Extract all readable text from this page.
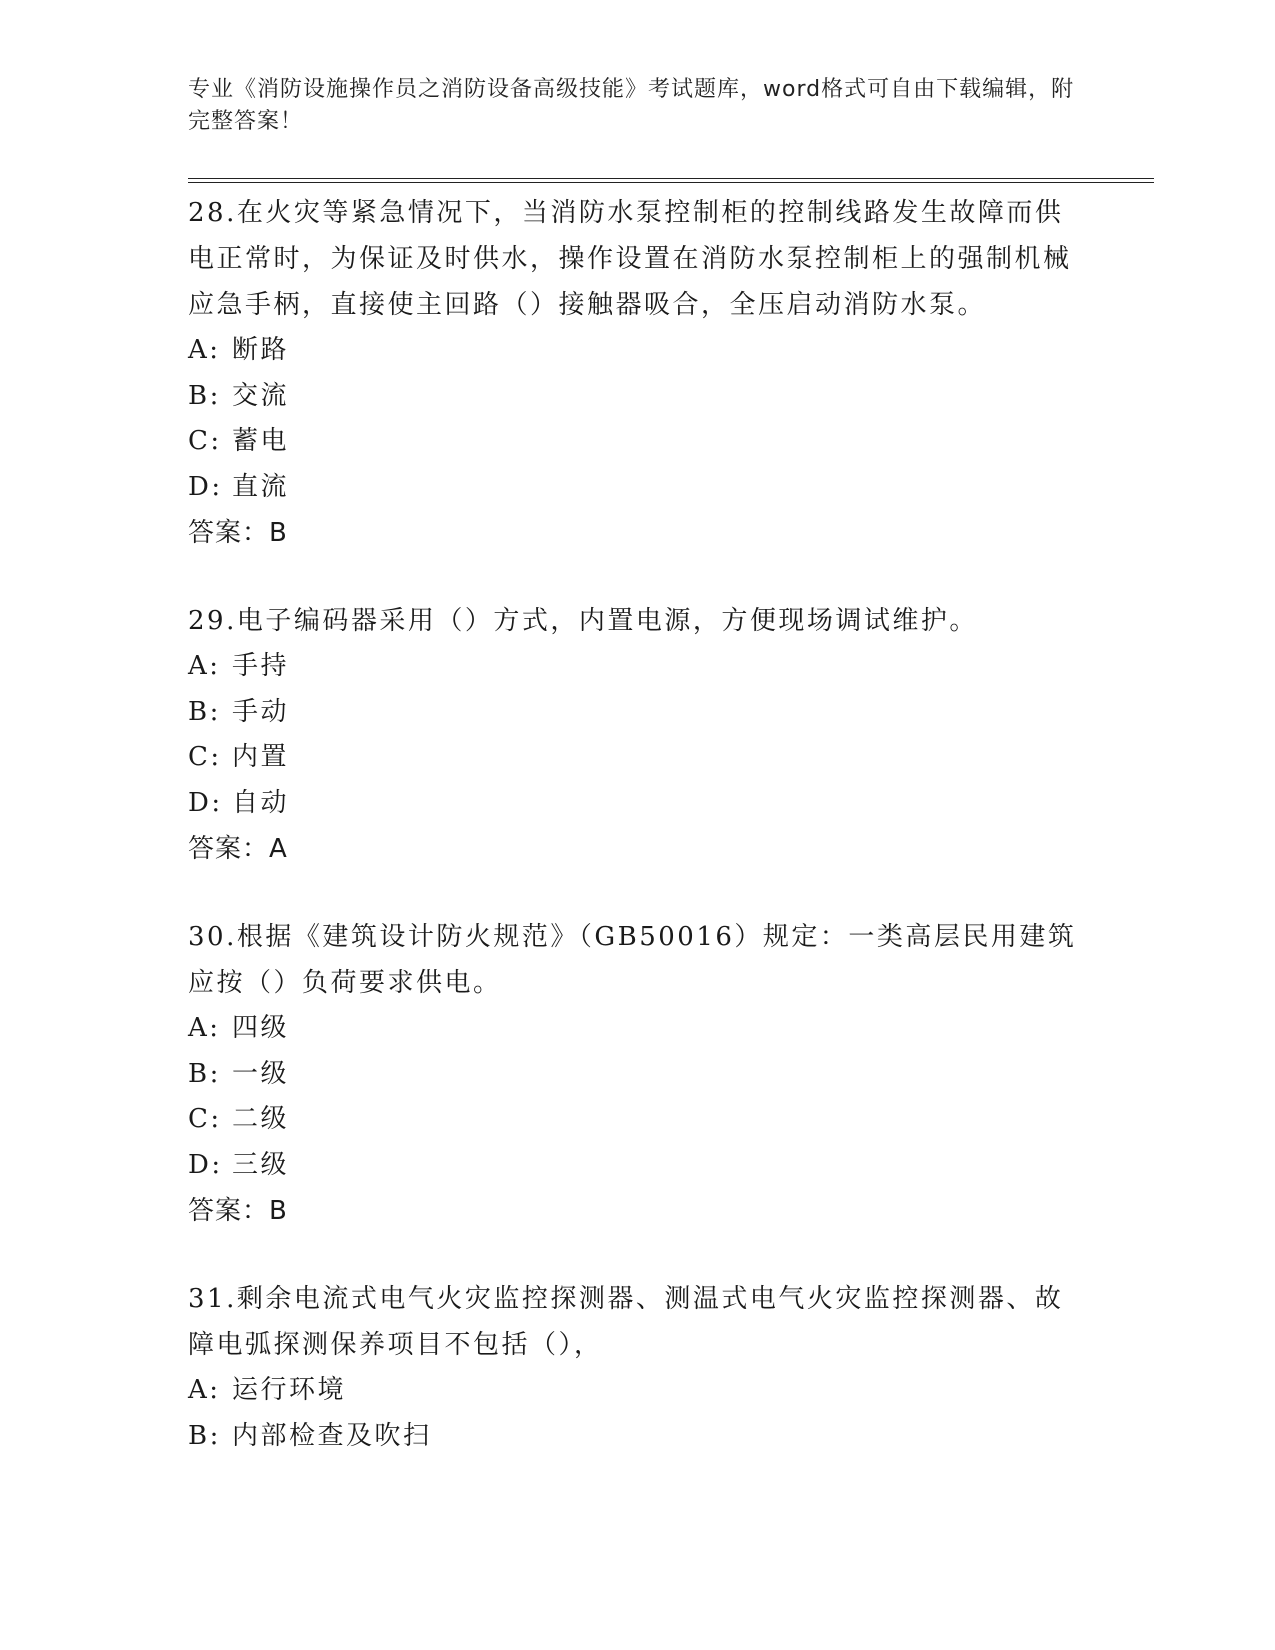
专业《消防设施操作员之消防设备高级技能》考试题库，word格式可自由下载编辑，附完整答案！
28.在火灾等紧急情况下，当消防水泵控制柜的控制线路发生故障而供电正常时，为保证及时供水，操作设置在消防水泵控制柜上的强制机械应急手柄，直接使主回路（）接触器吸合，全压启动消防水泵。
A: 断路
B: 交流
C: 蓄电
D: 直流
答案：B
29.电子编码器采用（）方式，内置电源，方便现场调试维护。
A: 手持
B: 手动
C: 内置
D: 自动
答案：A
30.根据《建筑设计防火规范》（GB50016）规定：一类高层民用建筑应按（）负荷要求供电。
A: 四级
B: 一级
C: 二级
D: 三级
答案：B
31.剩余电流式电气火灾监控探测器、测温式电气火灾监控探测器、故障电弧探测保养项目不包括（），
A: 运行环境
B: 内部检查及吹扫
